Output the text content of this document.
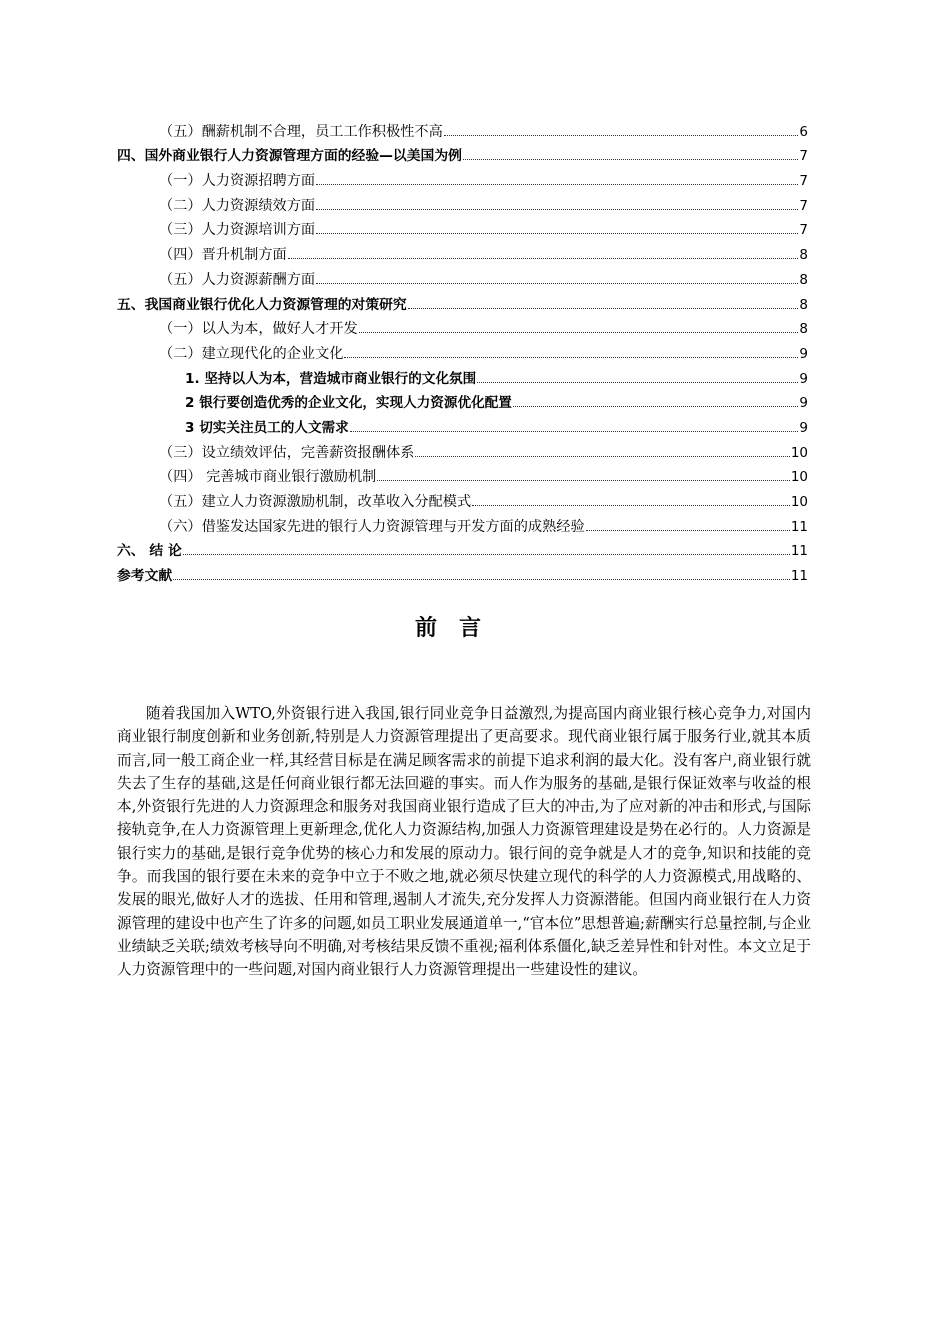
（五）酬薪机制不合理，员工工作积极性不高	6
四、国外商业银行人力资源管理方面的经验—以美国为例	7
（一）人力资源招聘方面	7
（二）人力资源绩效方面	7
（三）人力资源培训方面	7
（四）晋升机制方面	8
（五）人力资源薪酬方面	8
五、我国商业银行优化人力资源管理的对策研究	8
（一）以人为本，做好人才开发	8
（二）建立现代化的企业文化	9
1. 坚持以人为本，营造城市商业银行的文化氛围	9
2 银行要创造优秀的企业文化，实现人力资源优化配置	9
3 切实关注员工的人文需求	9
（三）设立绩效评估，完善薪资报酬体系	10
（四） 完善城市商业银行激励机制	10
（五）建立人力资源激励机制，改革收入分配模式	10
（六）借鉴发达国家先进的银行人力资源管理与开发方面的成熟经验	11
六、 结 论	11
参考文献	11
前言

随着我国加入WTO,外资银行进入我国,银行同业竞争日益激烈,为提高国内商业银行核心竞争力,对国内商业银行制度创新和业务创新,特别是人力资源管理提出了更高要求。现代商业银行属于服务行业,就其本质而言,同一般工商企业一样,其经营目标是在满足顾客需求的前提下追求利润的最大化。没有客户,商业银行就失去了生存的基础,这是任何商业银行都无法回避的事实。而人作为服务的基础,是银行保证效率与收益的根本,外资银行先进的人力资源理念和服务对我国商业银行造成了巨大的冲击,为了应对新的冲击和形式,与国际接轨竞争,在人力资源管理上更新理念,优化人力资源结构,加强人力资源管理建设是势在必行的。人力资源是银行实力的基础,是银行竞争优势的核心力和发展的原动力。银行间的竞争就是人才的竞争,知识和技能的竞争。而我国的银行要在未来的竞争中立于不败之地,就必须尽快建立现代的科学的人力资源模式,用战略的、发展的眼光,做好人才的选拔、任用和管理,遏制人才流失,充分发挥人力资源潜能。但国内商业银行在人力资源管理的建设中也产生了许多的问题,如员工职业发展通道单一,“官本位”思想普遍;薪酬实行总量控制,与企业业绩缺乏关联;绩效考核导向不明确,对考核结果反馈不重视;福利体系僵化,缺乏差异性和针对性。本文立足于人力资源管理中的一些问题,对国内商业银行人力资源管理提出一些建设性的建议。
